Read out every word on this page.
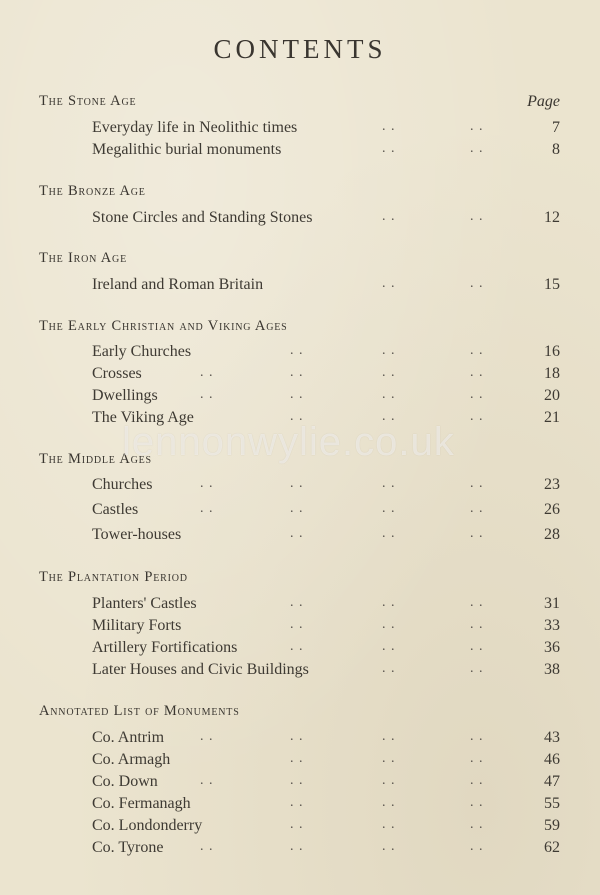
CONTENTS
Page
The Stone Age
Everyday life in Neolithic times	. .	. .	7
Megalithic burial monuments	. .	. .	8
The Bronze Age
Stone Circles and Standing Stones	. .	. .	12
The Iron Age
Ireland and Roman Britain	. .	. .	15
The Early Christian and Viking Ages
Early Churches	. .	. .	. .	16
Crosses	. .	. .	. .	. .	18
Dwellings	. .	. .	. .	. .	20
The Viking Age	. .	. .	. .	21
The Middle Ages
Churches	. .	. .	. .	. .	23
Castles	. .	. .	. .	. .	26
Tower-houses	. .	. .	. .	28
The Plantation Period
Planters' Castles	. .	. .	. .	31
Military Forts	. .	. .	. .	33
Artillery Fortifications	. .	. .	. .	36
Later Houses and Civic Buildings	. .	. .	38
Annotated List of Monuments
Co. Antrim	. .	. .	. .	. .	43
Co. Armagh	. .	. .	. .	46
Co. Down	. .	. .	. .	. .	47
Co. Fermanagh	. .	. .	. .	55
Co. Londonderry	. .	. .	. .	59
Co. Tyrone	. .	. .	. .	. .	62
lennonwylie.co.uk
